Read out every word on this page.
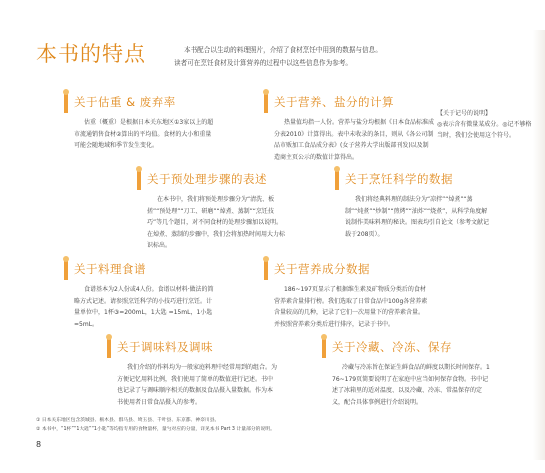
本书的特点	本书配合以生动的料理照片，介绍了食材烹饪中用到的数据与信息。

读者可在烹饪食材及计算营养的过程中以这些信息作为参考。

关于估重 & 废弃率
估重（概重）是根据日本关东地区①3家以上的超市流通销售食材②算出的平均值。食材的大小和重量可能会随地域和季节发生变化。
关于营养、盐分的计算
热量值均指一人份。营养与盐分均根据《日本食品标准成分表2010》计算得出。表中未收录的条目，则从《各公司制品市贩加工食品成分表》(女子营养大学出版部刊发)以及制造商主页公示的数值计算得出。

【关于记号的说明】

◎表示含有微量某成分。◎记不够格当时，我们会使用这个符号。

关于预处理步骤的表述
在本书中，我们将预处理步骤分为“清洗、板搓”“预处理”“刀工、研磨”“焯煮、蒸制”“烹饪技巧”等几个题目，对不同食材的处理步骤加以说明。在焯煮、蒸制的步骤中，我们会将加热时间用大力标识标出。
关于烹饪科学的数据
我们将经典料理的制法分为“凉拌”“焯煮”“蒸制”“炖煮”“炒制”“煎烤”“油炸”“烧煮”，从科学角度解说制作美味料理的秘诀。图表均引自论文（参考文献记载于208页）。
关于料理食谱
食谱基本为2人份或4人份。食谱以材料·做法的简略方式记述。请参照烹饪科学的小技巧进行烹饪。计量单位中，1杯③=200mL，1大匙 =15mL，1小匙 =5mL。
关于营养成分数据
186~197页显示了根据维生素及矿物质分类后的食材营养素含量排行榜。我们选取了日常食品中100g各营养素含量较高的几种，记录了它们一次用量下的营养素含量。并按照营养素分类后进行排序，记录于书中。
关于调味料及调味
我们介绍的作料均为一般家庭料理中经常用到的组合。为方便记忆用料比例，我们使用了简单的数值进行记述。书中也记录了与调味顺序相关的数据及食品摄入量数据。作为本书使用者日常食品摄入的参考。
关于冷藏、冷冻、保存
冷藏与冷冻旨在保证生鲜食品的鲜度以期长时间保存。176~179页简要说明了在家庭中应当如何保存食物。书中记述了冰箱里的适对温度、以及冷藏、冷冻、常温保存的定义，配合具体事例进行介绍说明。

① 日本关东地区包含茨城县、栃木县、群马县、埼玉县、千叶县、东京都、神奈川县。

② 本书中，“1杯”“1大匙”“1小匙”等均指专用的食物量杯，量勺对应的分量，详见本书 Part 3 计量部分的说明。

8
